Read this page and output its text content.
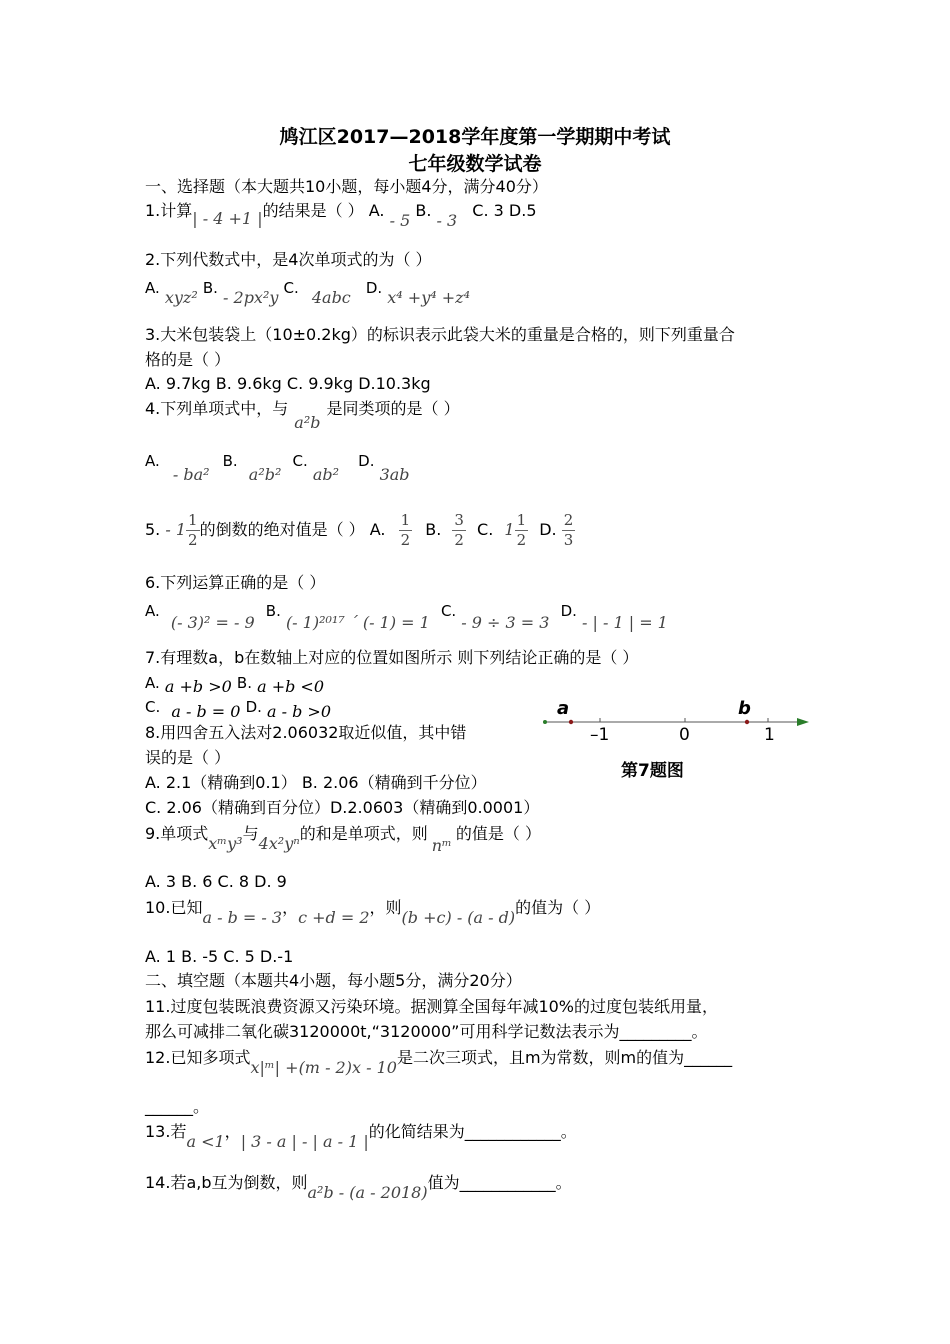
鸠江区2017—2018学年度第一学期期中考试
七年级数学试卷
一、选择题（本大题共10小题，每小题4分，满分40分）
1.计算| - 4 +1 |的结果是（ ） A. - 5 B. - 3 C. 3 D.5
2.下列代数式中，是4次单项式的为（ ）
A. xyz² B. - 2px²y C. 4abc D. x⁴ +y⁴ +z⁴
3.大米包装袋上（10±0.2kg）的标识表示此袋大米的重量是合格的，则下列重量合
格的是（ ）
A. 9.7kg B. 9.6kg C. 9.9kg D.10.3kg
4.下列单项式中，与a²b是同类项的是（ ）
A. - ba² B. a²b² C. ab² D. 3ab
5. - $1 \frac{1}{2}$ 的倒数的绝对值是（ ） A. $\frac{1}{2} B$. $\frac{3}{2} C$. $1 \frac{1}{2} D$. $\frac{2}{3}$
6.下列运算正确的是（ ）
A. (- 3)² = - 9 B. (- 1)²⁰¹⁷ ´ (- 1) = 1 C. - 9 ÷ 3 = 3 D. - | - 1 | = 1
7.有理数a，b在数轴上对应的位置如图所示 则下列结论正确的是（ ）
A. a +b >0 B. a +b <0
C. a - b = 0 D. a - b >0	a	b
–1	0	1
第7题图
8.用四舍五入法对2.06032取近似值，其中错
误的是（ ）
A. 2.1（精确到0.1） B. 2.06（精确到千分位）
C. 2.06（精确到百分位）D.2.0603（精确到0.0001）
9.单项式xᵐy³与4x²yⁿ的和是单项式，则nᵐ的值是（ ）
A. 3 B. 6 C. 8 D. 9
10.已知a - b = - 3，c +d = 2，则(b +c) - (a - d)的值为（ ）
A. 1 B. -5 C. 5 D.-1
二、填空题（本题共4小题，每小题5分，满分20分）
11.过度包装既浪费资源又污染环境。据测算全国每年减10%的过度包装纸用量，
那么可减排二氧化碳3120000t,“3120000”可用科学记数法表示为_________。
12.已知多项式x|ᵐ| +(m - 2)x - 10是二次三项式，且m为常数，则m的值为______
______。
13.若a <1，| 3 - a | - | a - 1 |的化简结果为____________。
14.若a,b互为倒数，则a²b - (a - 2018)值为____________。
